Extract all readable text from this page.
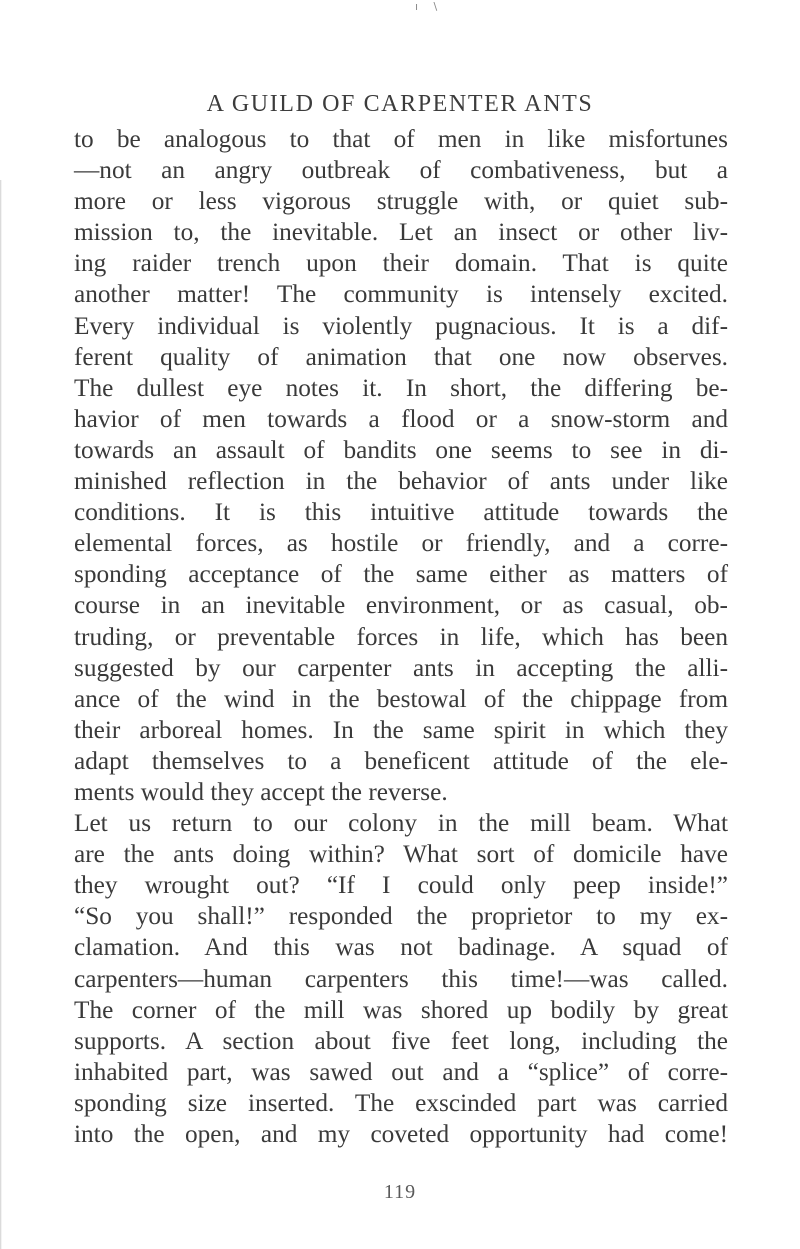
ı \
A GUILD OF CARPENTER ANTS
to be analogous to that of men in like misfortunes
—not an angry outbreak of combativeness, but a
more or less vigorous struggle with, or quiet sub-
mission to, the inevitable. Let an insect or other liv-
ing raider trench upon their domain. That is quite
another matter! The community is intensely excited.
Every individual is violently pugnacious. It is a dif-
ferent quality of animation that one now observes.
The dullest eye notes it. In short, the differing be-
havior of men towards a flood or a snow-storm and
towards an assault of bandits one seems to see in di-
minished reflection in the behavior of ants under like
conditions. It is this intuitive attitude towards the
elemental forces, as hostile or friendly, and a corre-
sponding acceptance of the same either as matters of
course in an inevitable environment, or as casual, ob-
truding, or preventable forces in life, which has been
suggested by our carpenter ants in accepting the alli-
ance of the wind in the bestowal of the chippage from
their arboreal homes. In the same spirit in which they
adapt themselves to a beneficent attitude of the ele-
ments would they accept the reverse.
Let us return to our colony in the mill beam. What
are the ants doing within? What sort of domicile have
they wrought out? “If I could only peep inside!”
“So you shall!” responded the proprietor to my ex-
clamation. And this was not badinage. A squad of
carpenters—human carpenters this time!—was called.
The corner of the mill was shored up bodily by great
supports. A section about five feet long, including the
inhabited part, was sawed out and a “splice” of corre-
sponding size inserted. The exscinded part was carried
into the open, and my coveted opportunity had come!
119
